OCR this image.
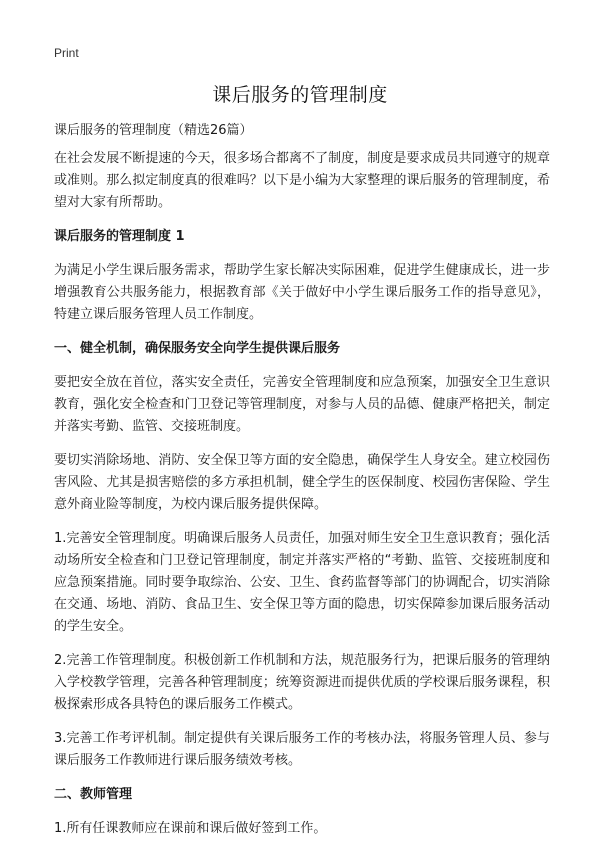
Print
课后服务的管理制度
课后服务的管理制度（精选26篇）

在社会发展不断提速的今天，很多场合都离不了制度，制度是要求成员共同遵守的规章或准则。那么拟定制度真的很难吗？以下是小编为大家整理的课后服务的管理制度，希望对大家有所帮助。

课后服务的管理制度 1

为满足小学生课后服务需求，帮助学生家长解决实际困难，促进学生健康成长，进一步增强教育公共服务能力，根据教育部《关于做好中小学生课后服务工作的指导意见》，特建立课后服务管理人员工作制度。

一、健全机制，确保服务安全向学生提供课后服务

要把安全放在首位，落实安全责任，完善安全管理制度和应急预案，加强安全卫生意识教育，强化安全检查和门卫登记等管理制度，对参与人员的品德、健康严格把关，制定并落实考勤、监管、交接班制度。

要切实消除场地、消防、安全保卫等方面的安全隐患，确保学生人身安全。建立校园伤害风险、尤其是损害赔偿的多方承担机制，健全学生的医保制度、校园伤害保险、学生意外商业险等制度，为校内课后服务提供保障。

1.完善安全管理制度。明确课后服务人员责任，加强对师生安全卫生意识教育；强化活动场所安全检查和门卫登记管理制度，制定并落实严格的“考勤、监管、交接班制度和应急预案措施。同时要争取综治、公安、卫生、食药监督等部门的协调配合，切实消除在交通、场地、消防、食品卫生、安全保卫等方面的隐患，切实保障参加课后服务活动的学生安全。

2.完善工作管理制度。积极创新工作机制和方法，规范服务行为，把课后服务的管理纳入学校教学管理，完善各种管理制度；统筹资源进而提供优质的学校课后服务课程，积极探索形成各具特色的课后服务工作模式。

3.完善工作考评机制。制定提供有关课后服务工作的考核办法，将服务管理人员、参与课后服务工作教师进行课后服务绩效考核。

二、教师管理

1.所有任课教师应在课前和课后做好签到工作。
